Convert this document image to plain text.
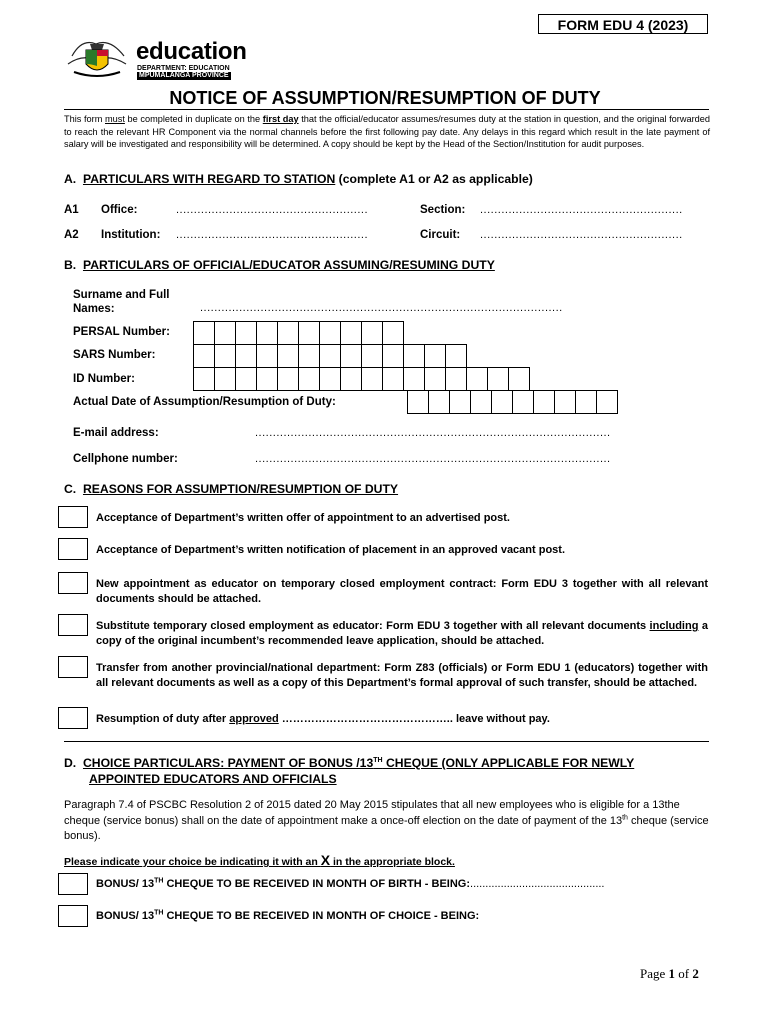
FORM EDU 4 (2023)
education
DEPARTMENT: EDUCATION
MPUMALANGA PROVINCE
NOTICE OF ASSUMPTION/RESUMPTION OF DUTY
This form must be completed in duplicate on the first day that the official/educator assumes/resumes duty at the station in question, and the original forwarded to reach the relevant HR Component via the normal channels before the first following pay date. Any delays in this regard which result in the late payment of salary will be investigated and responsibility will be determined. A copy should be kept by the Head of the Section/Institution for audit purposes.
A. PARTICULARS WITH REGARD TO STATION (complete A1 or A2 as applicable)
A1 Office:	......................................................	Section: .........................................................
A2 Institution: ......................................................	Circuit: .........................................................
B. PARTICULARS OF OFFICIAL/EDUCATOR ASSUMING/RESUMING DUTY
Surname and Full
Names:	......................................................................................................
PERSAL Number:
SARS Number:
ID Number:
Actual Date of Assumption/Resumption of Duty:
E-mail address:	....................................................................................................
Cellphone number:	....................................................................................................
C. REASONS FOR ASSUMPTION/RESUMPTION OF DUTY
Acceptance of Department’s written offer of appointment to an advertised post.
Acceptance of Department’s written notification of placement in an approved vacant post.
New appointment as educator on temporary closed employment contract: Form EDU 3 together with all relevant documents should be attached.
Substitute temporary closed employment as educator: Form EDU 3 together with all relevant documents including a copy of the original incumbent’s recommended leave application, should be attached.
Transfer from another provincial/national department: Form Z83 (officials) or Form EDU 1 (educators) together with all relevant documents as well as a copy of this Department’s formal approval of such transfer, should be attached.
Resumption of duty after approved ……………………………………….. leave without pay.
D. CHOICE PARTICULARS: PAYMENT OF BONUS /13TH CHEQUE (ONLY APPLICABLE FOR NEWLY
APPOINTED EDUCATORS AND OFFICIALS
Paragraph 7.4 of PSCBC Resolution 2 of 2015 dated 20 May 2015 stipulates that all new employees who is eligible for a 13the cheque (service bonus) shall on the date of appointment make a once-off election on the date of payment of the 13th cheque (service bonus).
Please indicate your choice be indicating it with an X in the appropriate block.
BONUS/ 13TH CHEQUE TO BE RECEIVED IN MONTH OF BIRTH - BEING:............................................
BONUS/ 13TH CHEQUE TO BE RECEIVED IN MONTH OF CHOICE - BEING:
Page 1 of 2
